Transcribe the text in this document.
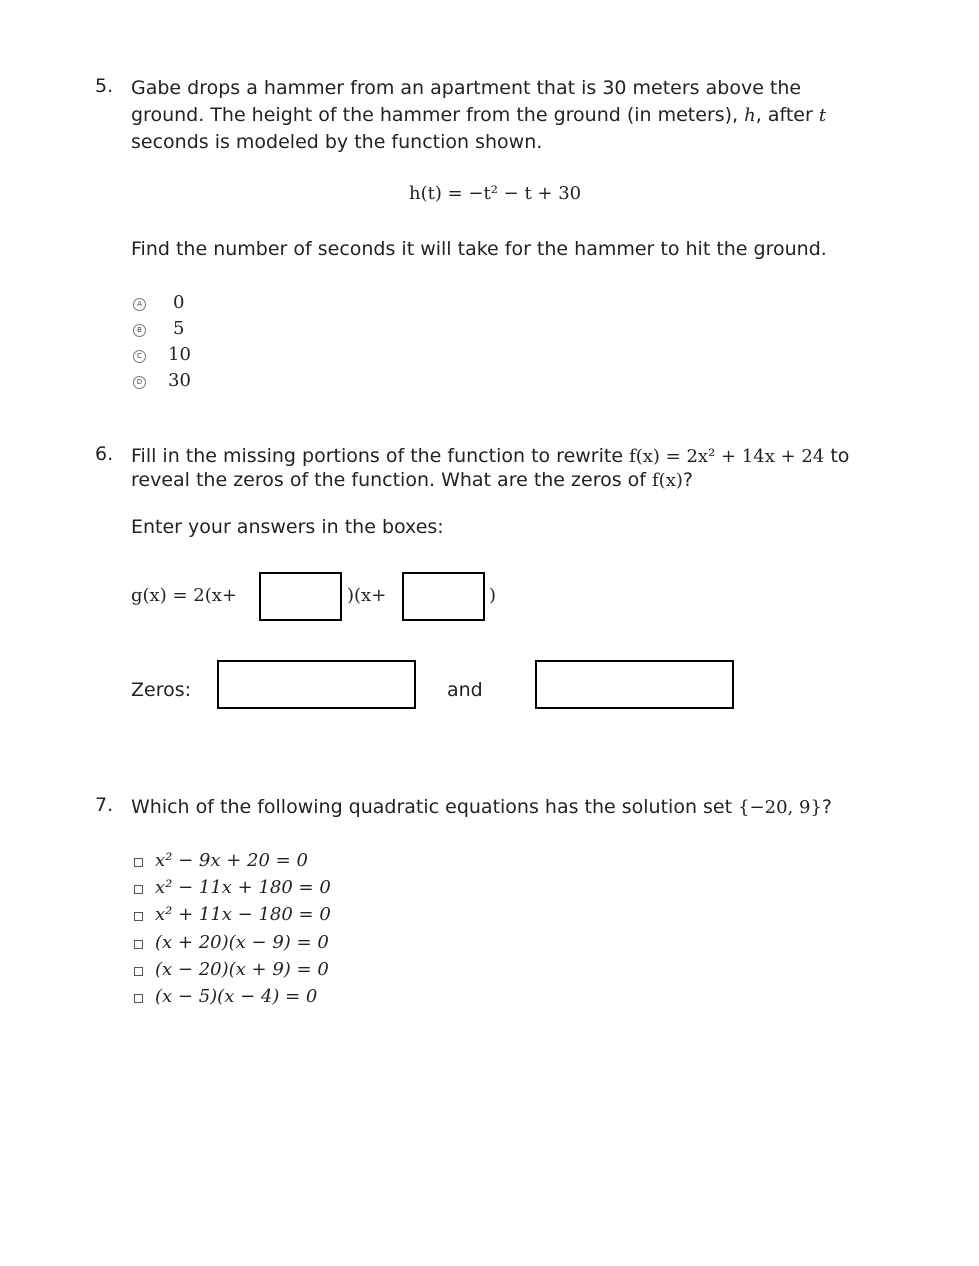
5. Gabe drops a hammer from an apartment that is 30 meters above the
ground. The height of the hammer from the ground (in meters), h, after t
seconds is modeled by the function shown.
h(t) = −t² − t + 30
Find the number of seconds it will take for the hammer to hit the ground.
A 0
B 5
C 10
D 30
6. Fill in the missing portions of the function to rewrite f(x) = 2x² + 14x + 24 to
reveal the zeros of the function. What are the zeros of f(x)?
Enter your answers in the boxes:
g(x) = 2(x+	)(x+	)
Zeros:	and
7. Which of the following quadratic equations has the solution set {−20, 9}?
x² − 9x + 20 = 0
x² − 11x + 180 = 0
x² + 11x − 180 = 0
(x + 20)(x − 9) = 0
(x − 20)(x + 9) = 0
(x − 5)(x − 4) = 0
